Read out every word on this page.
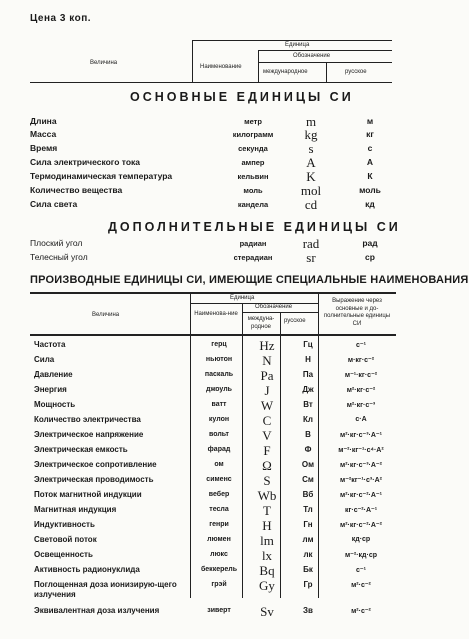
Цена 3 коп.
Величина
Единица
Наименование
Обозначение
международное	русское
ОСНОВНЫЕ ЕДИНИЦЫ СИ
Длина	метр	m	м
Масса	килограмм	kg	кг
Время	секунда	s	с
Сила электрического тока	ампер	A	А
Термодинамическая температура	кельвин	K	К
Количество вещества	моль	mol	моль
Сила света	кандела	cd	кд
ДОПОЛНИТЕЛЬНЫЕ ЕДИНИЦЫ СИ
Плоский угол	радиан	rad	рад
Телесный угол	стерадиан	sr	ср
ПРОИЗВОДНЫЕ ЕДИНИЦЫ СИ, ИМЕЮЩИЕ СПЕЦИАЛЬНЫЕ НАИМЕНОВАНИЯ
Величина
Единица
Наименова-ние
Обозначение
междуна-родное
русское
Выражение через основные и до-полнительные единицы СИ
Частота	герц	Hz	Гц	с⁻¹
Сила	ньютон	N	Н	м·кг·с⁻²
Давление	паскаль	Pa	Па	м⁻¹·кг·с⁻²
Энергия	джоуль	J	Дж	м²·кг·с⁻²
Мощность	ватт	W	Вт	м²·кг·с⁻³
Количество электричества	кулон	C	Кл	с·А
Электрическое напряжение	вольт	V	В	м²·кг·с⁻³·А⁻¹
Электрическая емкость	фарад	F	Ф	м⁻²·кг⁻¹·с⁴·А²
Электрическое сопротивление	ом	Ω	Ом	м²·кг·с⁻³·А⁻²
Электрическая проводимость	сименс	S	См	м⁻²кг⁻¹·с³·А²
Поток магнитной индукции	вебер	Wb	Вб	м²·кг·с⁻²·А⁻¹
Магнитная индукция	тесла	T	Тл	кг·с⁻²·А⁻¹
Индуктивность	генри	H	Гн	м²·кг·с⁻²·А⁻²
Световой поток	люмен	lm	лм	кд·ср
Освещенность	люкс	lx	лк	м⁻²·кд·ср
Активность радионуклида	беккерель	Bq	Бк	с⁻¹
Поглощенная доза ионизирую-щего излучения
грэй	Gy	Гр	м²·с⁻²
Эквивалентная доза излучения	зиверт	Sv	Зв	м²·с⁻²
